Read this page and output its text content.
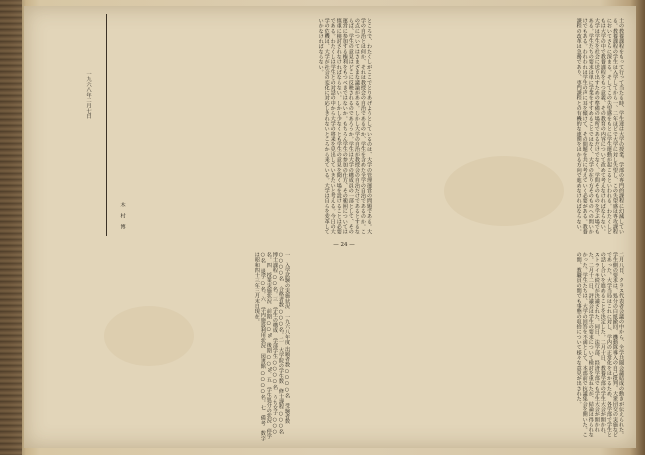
土の教養課程をもって行って当たる時、学生達は大学の授業、学部の専門的課程に幻滅している。教養課程の学生は入学してから一、二年ほどで大学に対し失望し、この失望感は専攻課程においてさらに深まる。そしてこの失望感をもとに学生運動が起こるといわれる。わたくしどもは大学の中で教養課程をもつ意義、その教育の内容について改めて考えなければならない。大学は学生を社会に送り出すための準備の場所であるだけでなく、学問そのものを学ぶ場でもある。学生たちの要求は単に学業をすすめることではなく、大学の在り方そのものへの問いかけでもある。われわれは学生の声に耳を傾けて、その問題を共に考えていく必要がある。教養課程の改革は急務であり、専門課程との有機的な連関をはかる方向で進めなければならない。
ところで、わたくしがここでとりあげようとしているのは、大学の管理運営の問題である。大学の自治とは何か、それは教授会の自治であるのか、学生を含めた全学の自治であるのか。この点についてはさまざまな議論がある。しかし大学の自治が教授会の自治だけであるとするならば、学生の意見はどこに反映されるのであろうか。学生は大学の構成員の一部として、その運営に参加する権利をもつべきではないか。もちろん学生の参加の仕方、その範囲については慎重に検討されなければならない。しかし少なくとも学生の意見を聞く場を設けることは必要である。わたくしは学生との対話の中から大学の将来を見出していきたいと考える。今日の大学の危機は、大学が社会の変化に対応しきれないところから来ている。大学は自らを変革していかなければならない。
一九六八年二月七日
木 村 博
— 24 —
二月八日、クラス代表者会議の中から、全学共闘会議結成の動きが伝えられた。学生側の要求は、処分の白紙撤回、機動隊導入の自己批判、大衆団交の実施などであった。大学当局はこれに対し、学内の正常化をはかるため、各学部で学生との話し合いを進めることを決定した。二月十日、教養学部の学生大会が開かれ、ストライキ続行が決議された。同日、法学部、経済学部でも学生大会が開かれた。二月十二日、評議会は学生の要求について検討を重ねたが、結論は得られなかった。学生たちは、大学の回答を不満として、本部前で抗議集会を開いた。この間、教職員の間でも事態の収拾について様々な意見が出された。
一　入学試験の実施状況　一九六八年度 出願者数 ○○○○名　受験者数 ○○○○名　合格者数 ○○○名。二　大学院の学生数　修士課程 ○○○名　博士課程 ○○名。三　学生の構成　学部学生 ○○○○名　うち女子 ○○○名。四　授業実施状況　前期 ○○%　後期 ○○%。五　学生処分の状況　停学 ○名　退学 ○名。六　学内施設利用状況　図書館 ○○○○名。七　備考　数字は昭和四十三年三月末日現在。
